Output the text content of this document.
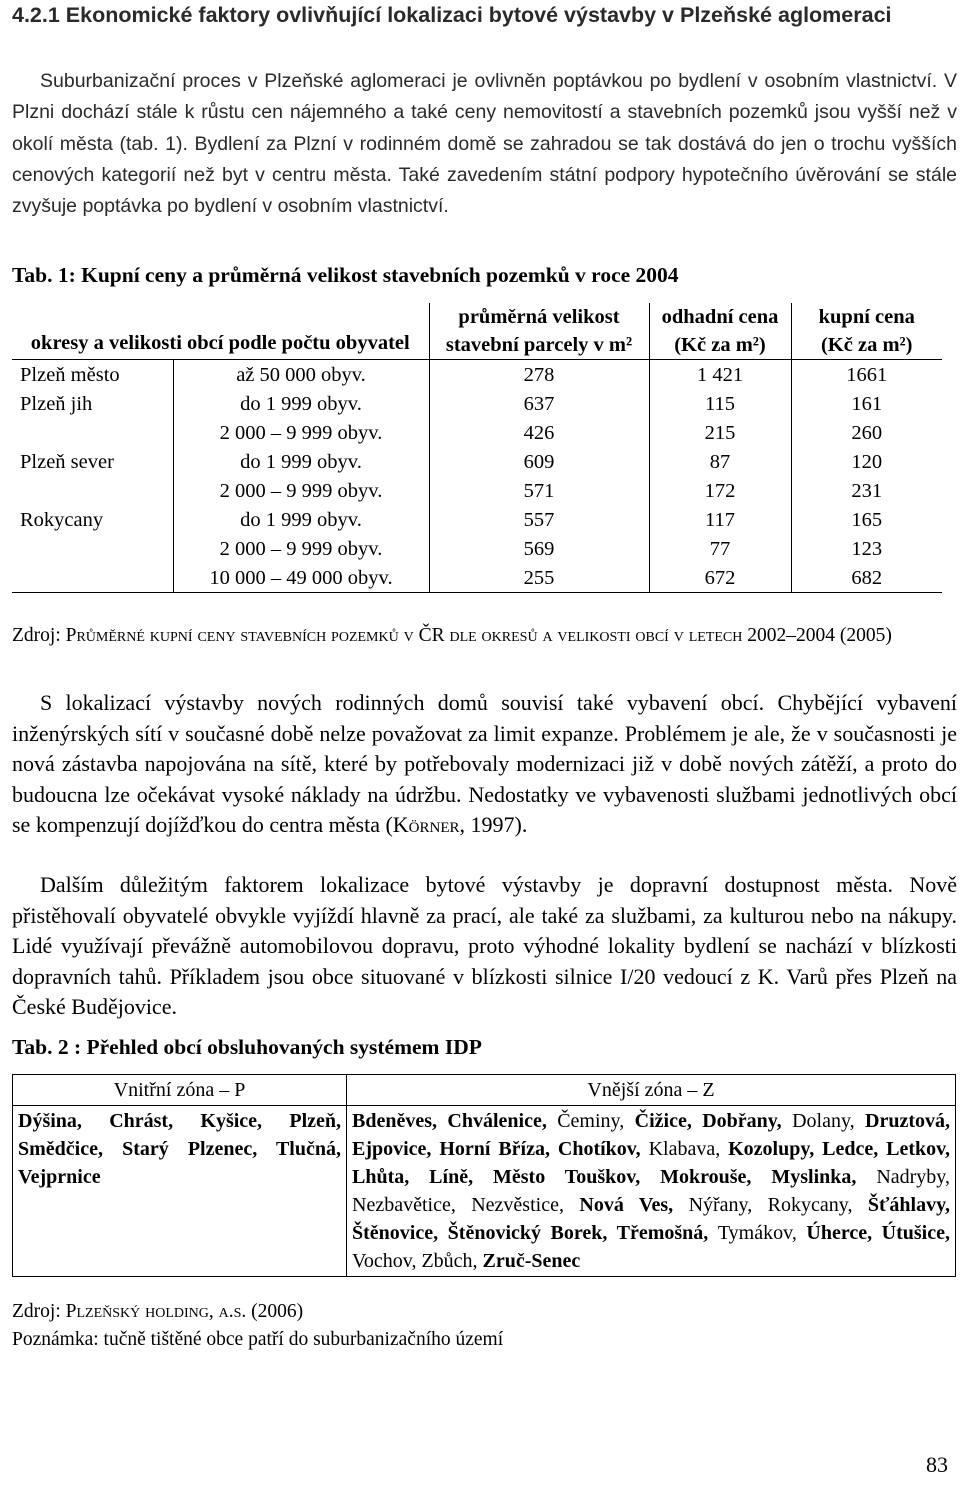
4.2.1 Ekonomické faktory ovlivňující lokalizaci bytové výstavby v Plzeňské aglomeraci
Suburbanizační proces v Plzeňské aglomeraci je ovlivněn poptávkou po bydlení v osobním vlastnictví. V Plzni dochází stále k růstu cen nájemného a také ceny nemovitostí a stavebních pozemků jsou vyšší než v okolí města (tab. 1). Bydlení za Plzní v rodinném domě se zahradou se tak dostává do jen o trochu vyšších cenových kategorií než byt v centru města. Také zavedením státní podpory hypotečního úvěrování se stále zvyšuje poptávka po bydlení v osobním vlastnictví.
Tab. 1: Kupní ceny a průměrná velikost stavebních pozemků v roce 2004
okresy a velikosti obcí podle počtu obyvatel		průměrná velikost stavební parcely v m²	odhadní cena (Kč za m²)	kupní cena (Kč za m²)
Plzeň město	až 50 000 obyv.	278	1 421	1661
Plzeň jih	do 1 999 obyv.	637	115	161
	2 000 – 9 999 obyv.	426	215	260
Plzeň sever	do 1 999 obyv.	609	87	120
	2 000 – 9 999 obyv.	571	172	231
Rokycany	do 1 999 obyv.	557	117	165
	2 000 – 9 999 obyv.	569	77	123
	10 000 – 49 000 obyv.	255	672	682
Zdroj: Průměrné kupní ceny stavebních pozemků v ČR dle okresů a velikosti obcí v letech 2002–2004 (2005)
S lokalizací výstavby nových rodinných domů souvisí také vybavení obcí. Chybějící vybavení inženýrských sítí v současné době nelze považovat za limit expanze. Problémem je ale, že v současnosti je nová zástavba napojována na sítě, které by potřebovaly modernizaci již v době nových zátěží, a proto do budoucna lze očekávat vysoké náklady na údržbu. Nedostatky ve vybavenosti službami jednotlivých obcí se kompenzují dojížďkou do centra města (Körner, 1997).
Dalším důležitým faktorem lokalizace bytové výstavby je dopravní dostupnost města. Nově přistěhovalí obyvatelé obvykle vyjíždí hlavně za prací, ale také za službami, za kulturou nebo na nákupy. Lidé využívají převážně automobilovou dopravu, proto výhodné lokality bydlení se nachází v blízkosti dopravních tahů. Příkladem jsou obce situované v blízkosti silnice I/20 vedoucí z K. Varů přes Plzeň na České Budějovice.
Tab. 2 : Přehled obcí obsluhovaných systémem IDP
Vnitřní zóna – P	Vnější zóna – Z
Dýšina, Chrást, Kyšice, Plzeň, Smědčice, Starý Plzenec, Tlučná, Vejprnice	Bdeněves, Chválenice, Čeminy, Čižice, Dobřany, Dolany, Druztová, Ejpovice, Horní Bříza, Chotíkov, Klabava, Kozolupy, Ledce, Letkov, Lhůta, Líně, Město Touškov, Mokrouše, Myslinka, Nadryby, Nezbavětice, Nezvěstice, Nová Ves, Nýřany, Rokycany, Šťáhlavy, Štěnovice, Štěnovický Borek, Třemošná, Tymákov, Úherce, Útušice, Vochov, Zbůch, Zruč-Senec
Zdroj: Plzeňský holding, a.s. (2006)
Poznámka: tučně tištěné obce patří do suburbanizačního území
83
